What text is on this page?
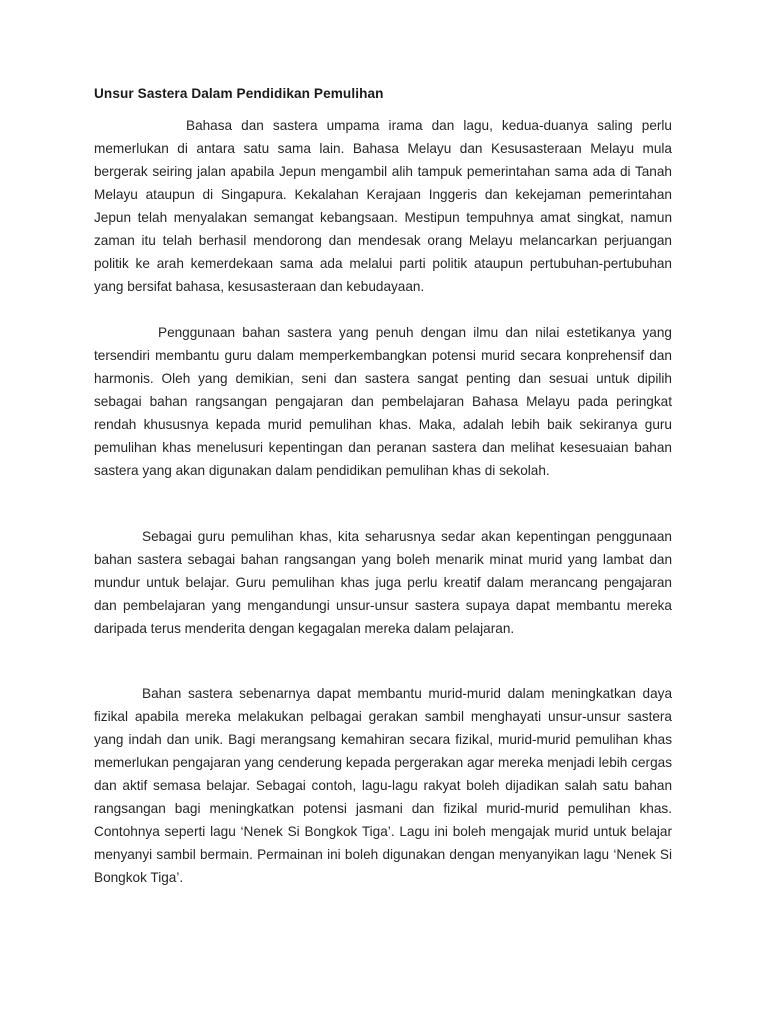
Unsur Sastera Dalam Pendidikan Pemulihan

Bahasa dan sastera umpama irama dan lagu, kedua-duanya saling perlu memerlukan di antara satu sama lain. Bahasa Melayu dan Kesusasteraan Melayu mula bergerak seiring jalan apabila Jepun mengambil alih tampuk pemerintahan sama ada di Tanah Melayu ataupun di Singapura. Kekalahan Kerajaan Inggeris dan kekejaman pemerintahan Jepun telah menyalakan semangat kebangsaan. Mestipun tempuhnya amat singkat, namun zaman itu telah berhasil mendorong dan mendesak orang Melayu melancarkan perjuangan politik ke arah kemerdekaan sama ada melalui parti politik ataupun pertubuhan-pertubuhan yang bersifat bahasa, kesusasteraan dan kebudayaan.

Penggunaan bahan sastera yang penuh dengan ilmu dan nilai estetikanya yang tersendiri membantu guru dalam memperkembangkan potensi murid secara konprehensif dan harmonis. Oleh yang demikian, seni dan sastera sangat penting dan sesuai untuk dipilih sebagai bahan rangsangan pengajaran dan pembelajaran Bahasa Melayu pada peringkat rendah khususnya kepada murid pemulihan khas. Maka, adalah lebih baik sekiranya guru pemulihan khas menelusuri kepentingan dan peranan sastera dan melihat kesesuaian bahan sastera yang akan digunakan dalam pendidikan pemulihan khas di sekolah.

Sebagai guru pemulihan khas, kita seharusnya sedar akan kepentingan penggunaan bahan sastera sebagai bahan rangsangan yang boleh menarik minat murid yang lambat dan mundur untuk belajar. Guru pemulihan khas juga perlu kreatif dalam merancang pengajaran dan pembelajaran yang mengandungi unsur-unsur sastera supaya dapat membantu mereka daripada terus menderita dengan kegagalan mereka dalam pelajaran.

Bahan sastera sebenarnya dapat membantu murid-murid dalam meningkatkan daya fizikal apabila mereka melakukan pelbagai gerakan sambil menghayati unsur-unsur sastera yang indah dan unik. Bagi merangsang kemahiran secara fizikal, murid-murid pemulihan khas memerlukan pengajaran yang cenderung kepada pergerakan agar mereka menjadi lebih cergas dan aktif semasa belajar. Sebagai contoh, lagu-lagu rakyat boleh dijadikan salah satu bahan rangsangan bagi meningkatkan potensi jasmani dan fizikal murid-murid pemulihan khas. Contohnya seperti lagu ‘Nenek Si Bongkok Tiga’. Lagu ini boleh mengajak murid untuk belajar menyanyi sambil bermain. Permainan ini boleh digunakan dengan menyanyikan lagu ‘Nenek Si Bongkok Tiga’.
